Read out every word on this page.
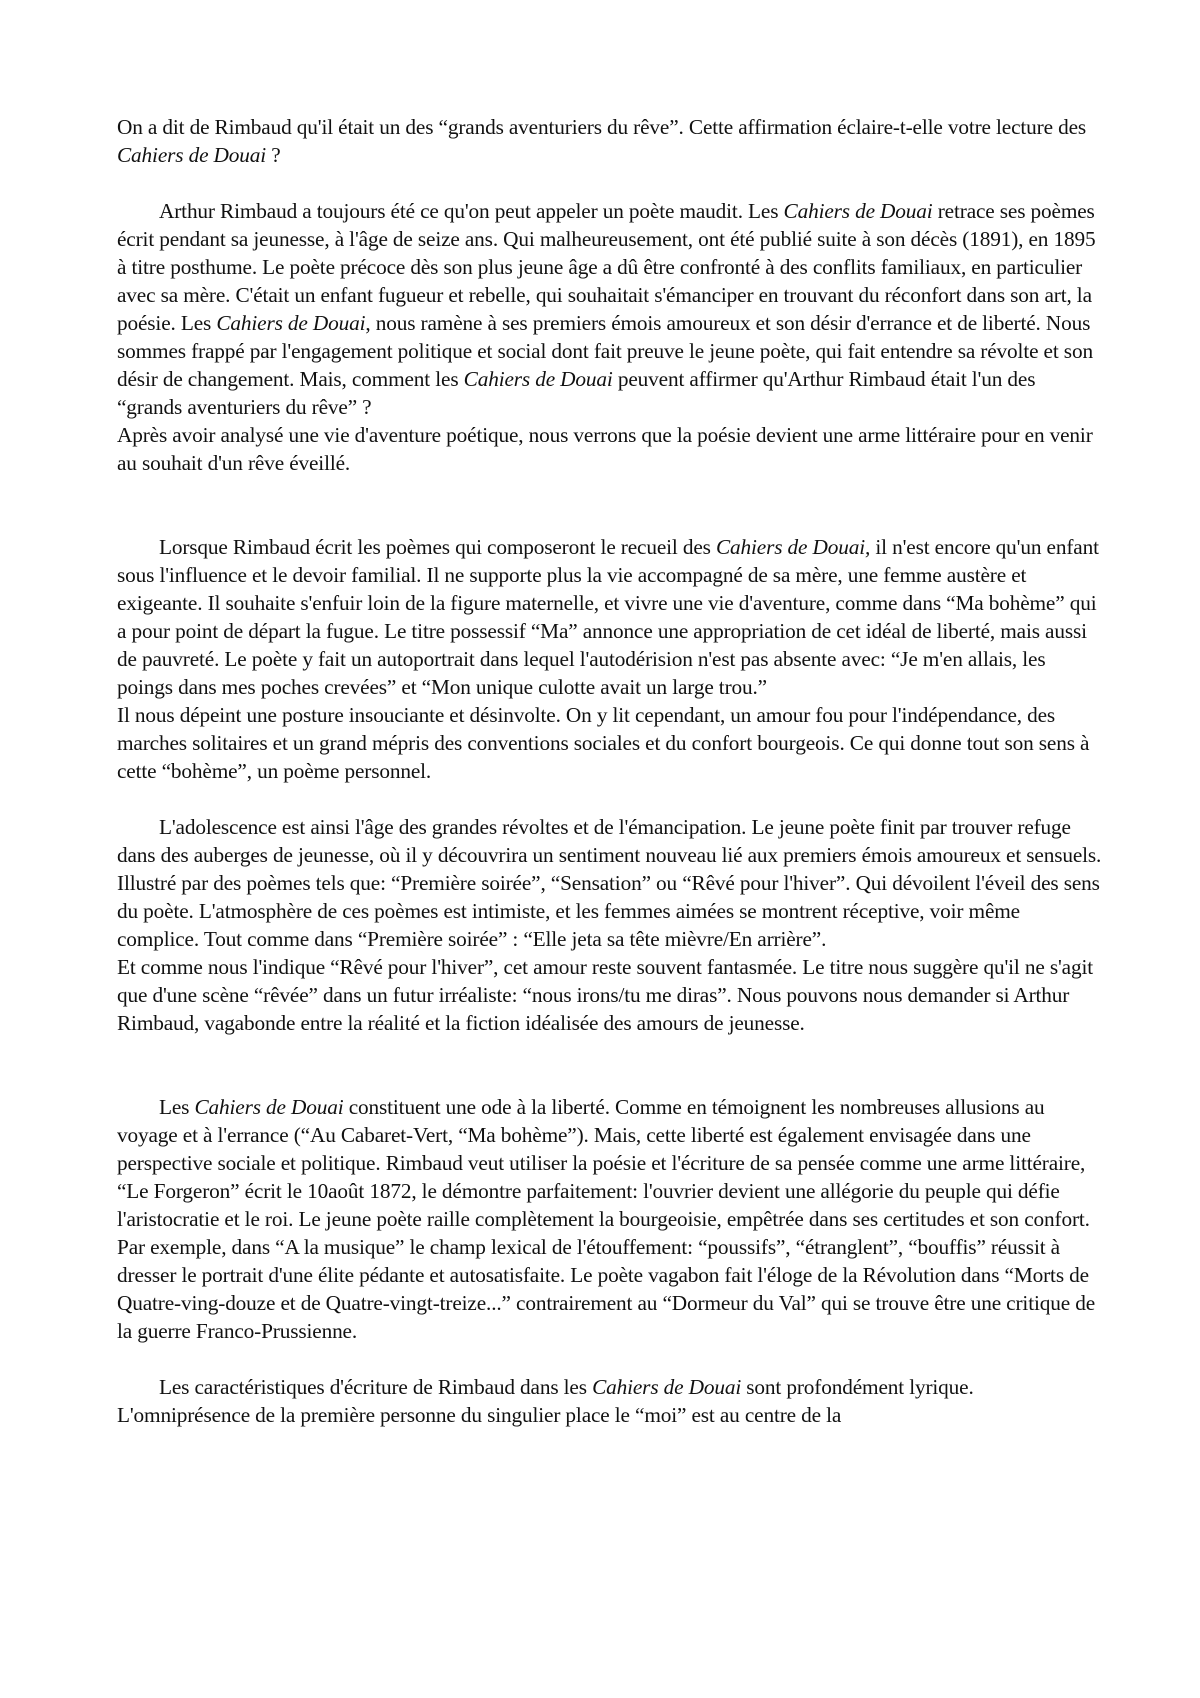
On a dit de Rimbaud qu'il était un des “grands aventuriers du rêve”. Cette affirmation éclaire-t-elle votre lecture des Cahiers de Douai ?

Arthur Rimbaud a toujours été ce qu'on peut appeler un poète maudit. Les Cahiers de Douai retrace ses poèmes écrit pendant sa jeunesse, à l'âge de seize ans. Qui malheureusement, ont été publié suite à son décès (1891), en 1895 à titre posthume. Le poète précoce dès son plus jeune âge a dû être confronté à des conflits familiaux, en particulier avec sa mère. C'était un enfant fugueur et rebelle, qui souhaitait s'émanciper en trouvant du réconfort dans son art, la poésie. Les Cahiers de Douai, nous ramène à ses premiers émois amoureux et son désir d'errance et de liberté. Nous sommes frappé par l'engagement politique et social dont fait preuve le jeune poète, qui fait entendre sa révolte et son désir de changement. Mais, comment les Cahiers de Douai peuvent affirmer qu'Arthur Rimbaud était l'un des “grands aventuriers du rêve” ?

Après avoir analysé une vie d'aventure poétique, nous verrons que la poésie devient une arme littéraire pour en venir au souhait d'un rêve éveillé.

Lorsque Rimbaud écrit les poèmes qui composeront le recueil des Cahiers de Douai, il n'est encore qu'un enfant sous l'influence et le devoir familial. Il ne supporte plus la vie accompagné de sa mère, une femme austère et exigeante. Il souhaite s'enfuir loin de la figure maternelle, et vivre une vie d'aventure, comme dans “Ma bohème” qui a pour point de départ la fugue. Le titre possessif “Ma” annonce une appropriation de cet idéal de liberté, mais aussi de pauvreté. Le poète y fait un autoportrait dans lequel l'autodérision n'est pas absente avec: “Je m'en allais, les poings dans mes poches crevées” et “Mon unique culotte avait un large trou.”

Il nous dépeint une posture insouciante et désinvolte. On y lit cependant, un amour fou pour l'indépendance, des marches solitaires et un grand mépris des conventions sociales et du confort bourgeois. Ce qui donne tout son sens à cette “bohème”, un poème personnel.

L'adolescence est ainsi l'âge des grandes révoltes et de l'émancipation. Le jeune poète finit par trouver refuge dans des auberges de jeunesse, où il y découvrira un sentiment nouveau lié aux premiers émois amoureux et sensuels. Illustré par des poèmes tels que: “Première soirée”, “Sensation” ou “Rêvé pour l'hiver”. Qui dévoilent l'éveil des sens du poète. L'atmosphère de ces poèmes est intimiste, et les femmes aimées se montrent réceptive, voir même complice. Tout comme dans “Première soirée” : “Elle jeta sa tête mièvre/En arrière”.

Et comme nous l'indique “Rêvé pour l'hiver”, cet amour reste souvent fantasmée. Le titre nous suggère qu'il ne s'agit que d'une scène “rêvée” dans un futur irréaliste: “nous irons/tu me diras”. Nous pouvons nous demander si Arthur Rimbaud, vagabonde entre la réalité et la fiction idéalisée des amours de jeunesse.

Les Cahiers de Douai constituent une ode à la liberté. Comme en témoignent les nombreuses allusions au voyage et à l'errance (“Au Cabaret-Vert, “Ma bohème”). Mais, cette liberté est également envisagée dans une perspective sociale et politique. Rimbaud veut utiliser la poésie et l'écriture de sa pensée comme une arme littéraire, “Le Forgeron” écrit le 10août 1872, le démontre parfaitement: l'ouvrier devient une allégorie du peuple qui défie l'aristocratie et le roi. Le jeune poète raille complètement la bourgeoisie, empêtrée dans ses certitudes et son confort. Par exemple, dans “A la musique” le champ lexical de l'étouffement: “poussifs”, “étranglent”, “bouffis” réussit à dresser le portrait d'une élite pédante et autosatisfaite. Le poète vagabon fait l'éloge de la Révolution dans “Morts de Quatre-ving-douze et de Quatre-vingt-treize...” contrairement au “Dormeur du Val” qui se trouve être une critique de la guerre Franco-Prussienne.

Les caractéristiques d'écriture de Rimbaud dans les Cahiers de Douai sont profondément lyrique. L'omniprésence de la première personne du singulier place le “moi” est au centre de la
